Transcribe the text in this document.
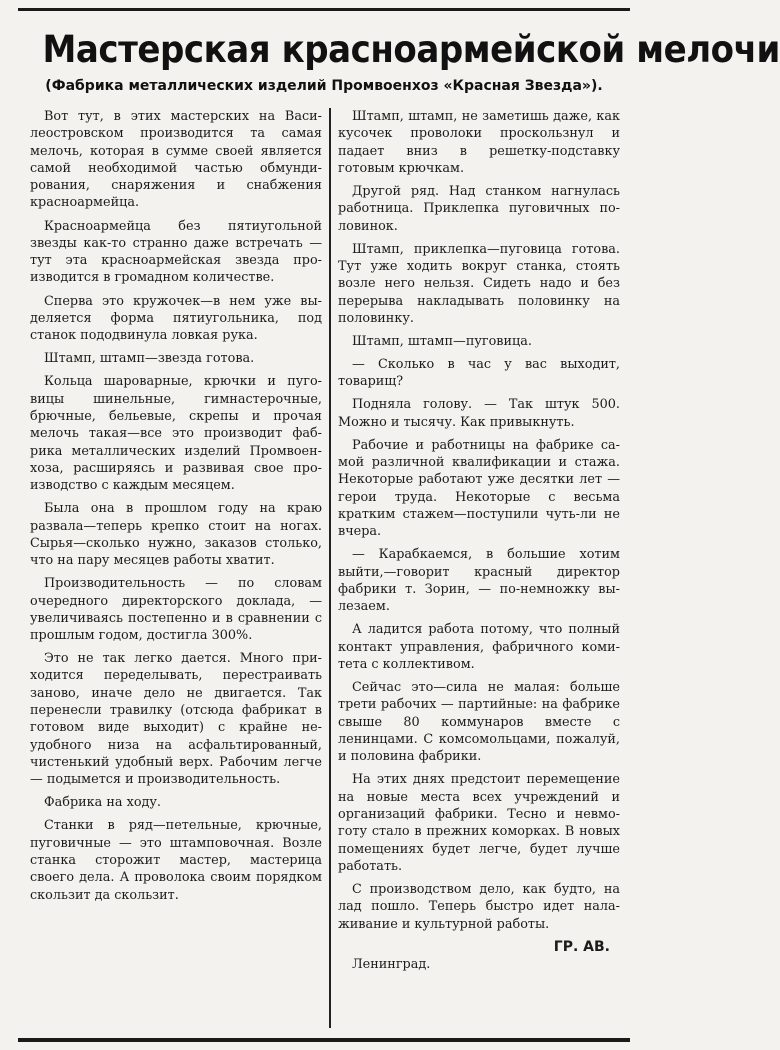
Мастерская красноармейской мелочи
(Фабрика металлических изделий Промвоенхоз «Красная Звезда»).

Вот тут, в этих мастерских на Василеостровском производится та самая мелочь, которая в сумме своей является самой необходимой частью обмундирования, снаряжения и снабжения красноармейца.

Красноармейца без пятиугольной звезды как-то странно даже встречать —тут эта красноармейская звезда производится в громадном количестве.

Сперва это кружочек—в нем уже выделяется форма пятиугольника, под станок пододвинула ловкая рука.

Штамп, штамп—звезда готова.

Кольца шароварные, крючки и пуговицы шинельные, гимнастерочные, брючные, бельевые, скрепы и прочая мелочь такая—все это производит фабрика металлических изделий Промвоенхоза, расширяясь и развивая свое производство с каждым месяцем.

Была она в прошлом году на краю развала—теперь крепко стоит на ногах. Сырья—сколько нужно, заказов столько, что на пару месяцев работы хватит.

Производительность — по словам очередного директорского доклада, — увеличиваясь постепенно и в сравнении с прошлым годом, достигла 300%.

Это не так легко дается. Много приходится переделывать, перестраивать заново, иначе дело не двигается. Так перенесли травилку (отсюда фабрикат в готовом виде выходит) с крайне неудобного низа на асфальтированный, чистенький удобный верх. Рабочим легче — подымется и производительность.

Фабрика на ходу.

Станки в ряд—петельные, крючные, пуговичные — это штамповочная. Возле станка сторожит мастер, мастерица своего дела. А проволока своим порядком скользит да скользит.

Штамп, штамп, не заметишь даже, как кусочек проволоки проскользнул и падает вниз в решетку-подставку готовым крючкам.

Другой ряд. Над станком нагнулась работница. Приклепка пуговичных половинок.

Штамп, приклепка—пуговица готова. Тут уже ходить вокруг станка, стоять возле него нельзя. Сидеть надо и без перерыва накладывать половинку на половинку.

Штамп, штамп—пуговица.

— Сколько в час у вас выходит, товарищ?

Подняла голову. — Так штук 500. Можно и тысячу. Как привыкнуть.

Рабочие и работницы на фабрике самой различной квалификации и стажа. Некоторые работают уже десятки лет —герои труда. Некоторые с весьма кратким стажем—поступили чуть-ли не вчера.

— Карабкаемся, в большие хотим выйти,—говорит красный директор фабрики т. Зорин, — по-немножку вылезаем.

А ладится работа потому, что полный контакт управления, фабричного комитета с коллективом.

Сейчас это—сила не малая: больше трети рабочих — партийные: на фабрике свыше 80 коммунаров вместе с ленинцами. С комсомольцами, пожалуй, и половина фабрики.

На этих днях предстоит перемещение на новые места всех учреждений и организаций фабрики. Тесно и невмоготу стало в прежних коморках. В новых помещениях будет легче, будет лучше работать.

С производством дело, как будто, на лад пошло. Теперь быстро идет налаживание и культурной работы.

ГР. АВ.

Ленинград.
